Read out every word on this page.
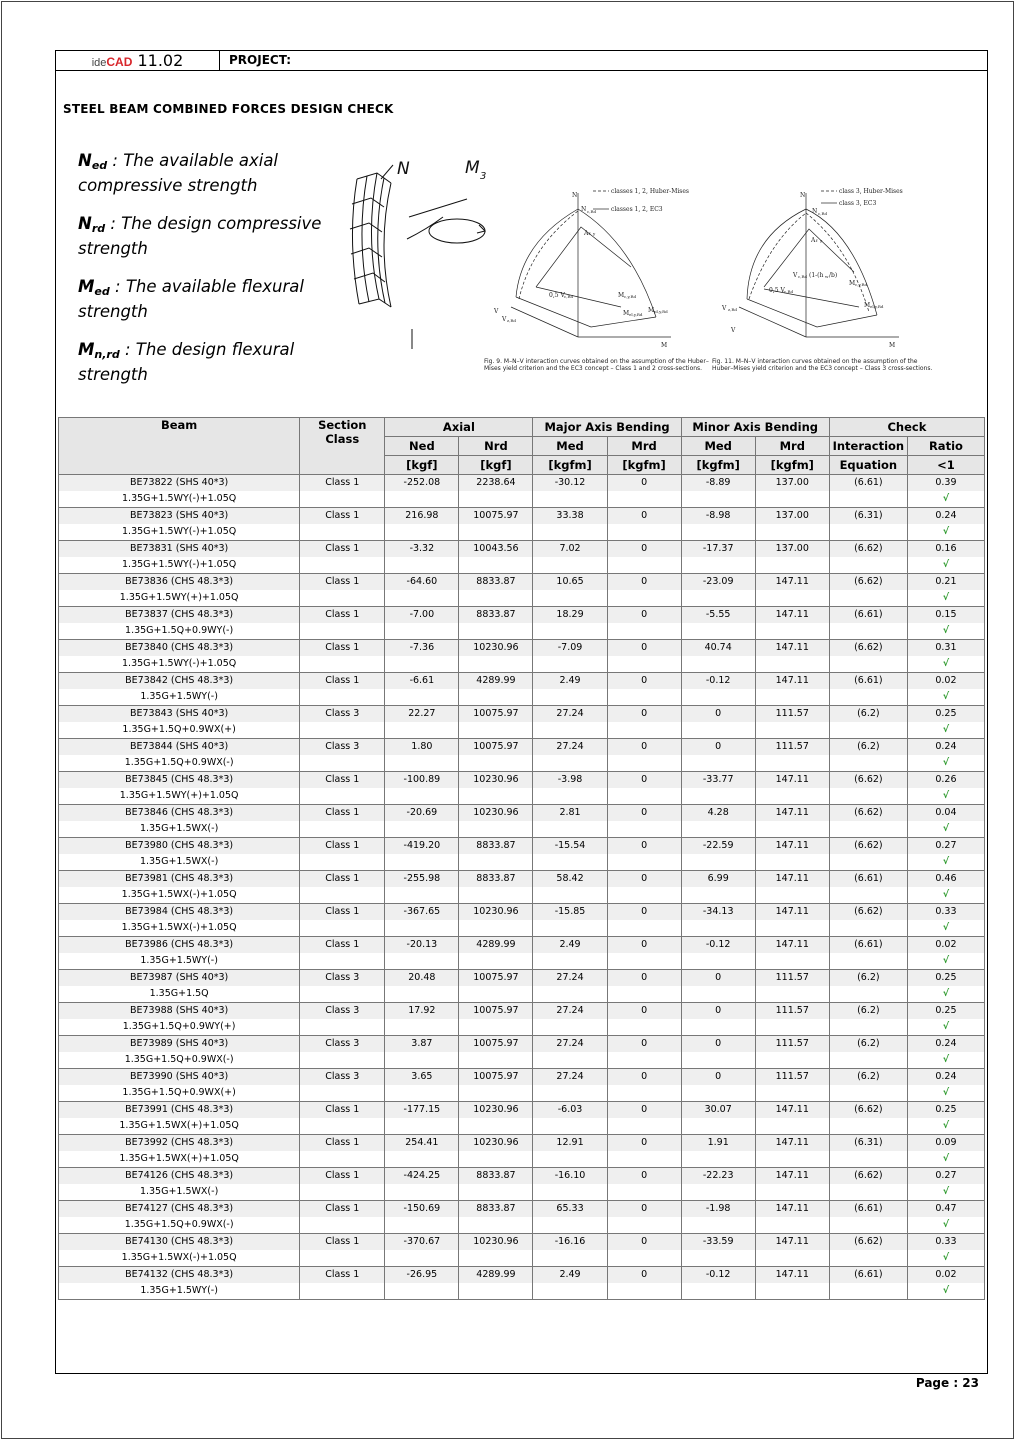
ideCAD 11.02	PROJECT:
STEEL BEAM COMBINED FORCES DESIGN CHECK
$N_{ed}$ : The available axial compressive strength
$N_{rd}$ : The design compressive strength
$M_{ed}$ : The available flexural strength
$M_{n,rd}$ : The design flexural strength
N	M 3
N
N c,Rd
A f y
0,5 V c,Rd	M c,y,Rd
M el,y,Rd
M pl,y,Rd
V
V z,Rd
M
classes 1, 2, Huber-Mises
classes 1, 2, EC3
Fig. 9. M–N–V interaction curves obtained on the assumption of the Huber–Mises yield criterion and the EC3 concept – Class 1 and 2 cross-sections.
N
N c,Rd
A f y
V c,Rd (1-(h w /b)
0,5 V c,Rd
M c,y,Rd
M el,y,Rd
V z,Rd
V
M
class 3, Huber-Mises
class 3, EC3
Fig. 11. M–N–V interaction curves obtained on the assumption of the Huber–Mises yield criterion and the EC3 concept – Class 3 cross-sections.
Beam	Section Class	Axial		Major Axis Bending		Minor Axis Bending		Check	
		Ned	Nrd	Med	Mrd	Med	Mrd	Interaction	Ratio
		[kgf]	[kgf]	[kgfm]	[kgfm]	[kgfm]	[kgfm]	Equation	<1
BE73822 (SHS 40*3)	Class 1	-252.08	2238.64	-30.12	0	-8.89	137.00	(6.61)	0.39
1.35G+1.5WY(-)+1.05Q									√
BE73823 (SHS 40*3)	Class 1	216.98	10075.97	33.38	0	-8.98	137.00	(6.31)	0.24
1.35G+1.5WY(-)+1.05Q									√
BE73831 (SHS 40*3)	Class 1	-3.32	10043.56	7.02	0	-17.37	137.00	(6.62)	0.16
1.35G+1.5WY(-)+1.05Q									√
BE73836 (CHS 48.3*3)	Class 1	-64.60	8833.87	10.65	0	-23.09	147.11	(6.62)	0.21
1.35G+1.5WY(+)+1.05Q									√
BE73837 (CHS 48.3*3)	Class 1	-7.00	8833.87	18.29	0	-5.55	147.11	(6.61)	0.15
1.35G+1.5Q+0.9WY(-)									√
BE73840 (CHS 48.3*3)	Class 1	-7.36	10230.96	-7.09	0	40.74	147.11	(6.62)	0.31
1.35G+1.5WY(-)+1.05Q									√
BE73842 (CHS 48.3*3)	Class 1	-6.61	4289.99	2.49	0	-0.12	147.11	(6.61)	0.02
1.35G+1.5WY(-)									√
BE73843 (SHS 40*3)	Class 3	22.27	10075.97	27.24	0	0	111.57	(6.2)	0.25
1.35G+1.5Q+0.9WX(+)									√
BE73844 (SHS 40*3)	Class 3	1.80	10075.97	27.24	0	0	111.57	(6.2)	0.24
1.35G+1.5Q+0.9WX(-)									√
BE73845 (CHS 48.3*3)	Class 1	-100.89	10230.96	-3.98	0	-33.77	147.11	(6.62)	0.26
1.35G+1.5WY(+)+1.05Q									√
BE73846 (CHS 48.3*3)	Class 1	-20.69	10230.96	2.81	0	4.28	147.11	(6.62)	0.04
1.35G+1.5WX(-)									√
BE73980 (CHS 48.3*3)	Class 1	-419.20	8833.87	-15.54	0	-22.59	147.11	(6.62)	0.27
1.35G+1.5WX(-)									√
BE73981 (CHS 48.3*3)	Class 1	-255.98	8833.87	58.42	0	6.99	147.11	(6.61)	0.46
1.35G+1.5WX(-)+1.05Q									√
BE73984 (CHS 48.3*3)	Class 1	-367.65	10230.96	-15.85	0	-34.13	147.11	(6.62)	0.33
1.35G+1.5WX(-)+1.05Q									√
BE73986 (CHS 48.3*3)	Class 1	-20.13	4289.99	2.49	0	-0.12	147.11	(6.61)	0.02
1.35G+1.5WY(-)									√
BE73987 (SHS 40*3)	Class 3	20.48	10075.97	27.24	0	0	111.57	(6.2)	0.25
1.35G+1.5Q									√
BE73988 (SHS 40*3)	Class 3	17.92	10075.97	27.24	0	0	111.57	(6.2)	0.25
1.35G+1.5Q+0.9WY(+)									√
BE73989 (SHS 40*3)	Class 3	3.87	10075.97	27.24	0	0	111.57	(6.2)	0.24
1.35G+1.5Q+0.9WX(-)									√
BE73990 (SHS 40*3)	Class 3	3.65	10075.97	27.24	0	0	111.57	(6.2)	0.24
1.35G+1.5Q+0.9WX(+)									√
BE73991 (CHS 48.3*3)	Class 1	-177.15	10230.96	-6.03	0	30.07	147.11	(6.62)	0.25
1.35G+1.5WX(+)+1.05Q									√
BE73992 (CHS 48.3*3)	Class 1	254.41	10230.96	12.91	0	1.91	147.11	(6.31)	0.09
1.35G+1.5WX(+)+1.05Q									√
BE74126 (CHS 48.3*3)	Class 1	-424.25	8833.87	-16.10	0	-22.23	147.11	(6.62)	0.27
1.35G+1.5WX(-)									√
BE74127 (CHS 48.3*3)	Class 1	-150.69	8833.87	65.33	0	-1.98	147.11	(6.61)	0.47
1.35G+1.5Q+0.9WX(-)									√
BE74130 (CHS 48.3*3)	Class 1	-370.67	10230.96	-16.16	0	-33.59	147.11	(6.62)	0.33
1.35G+1.5WX(-)+1.05Q									√
BE74132 (CHS 48.3*3)	Class 1	-26.95	4289.99	2.49	0	-0.12	147.11	(6.61)	0.02
1.35G+1.5WY(-)									√
Page : 23
